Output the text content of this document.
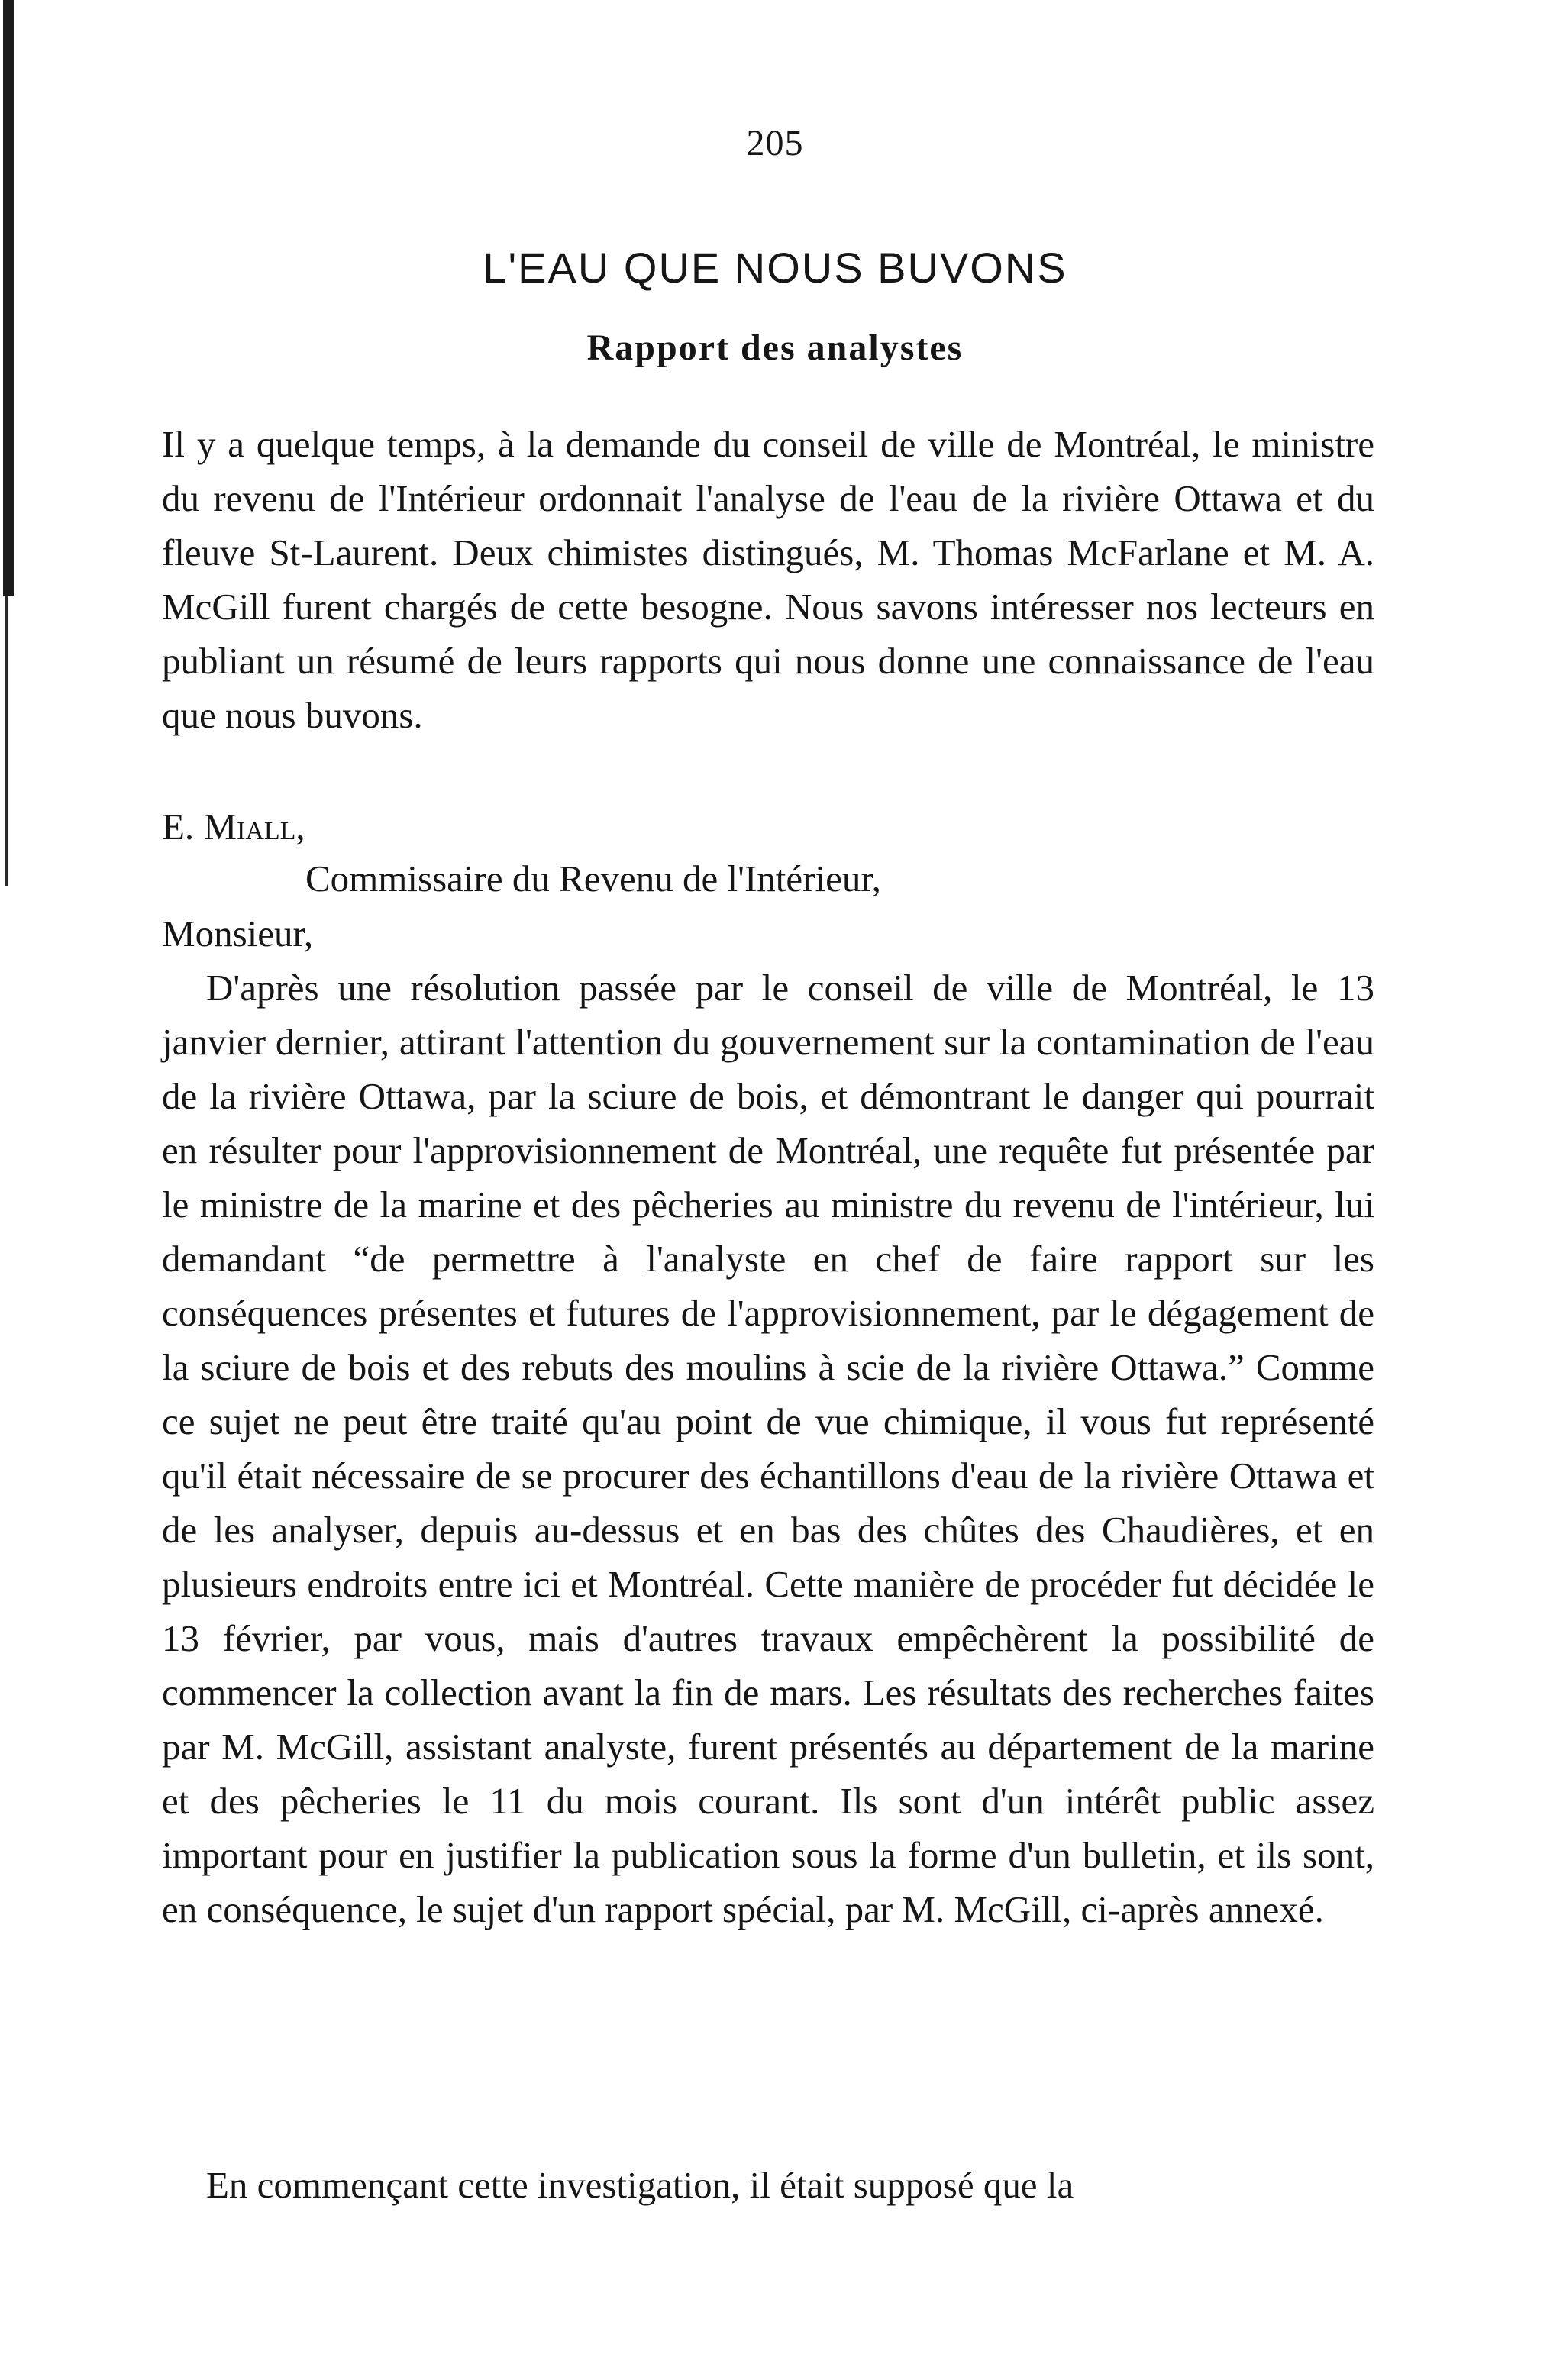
205
L'EAU QUE NOUS BUVONS
Rapport des analystes
Il y a quelque temps, à la demande du conseil de ville de Montréal, le ministre du revenu de l'Intérieur ordonnait l'analyse de l'eau de la rivière Ottawa et du fleuve St-Laurent. Deux chimistes distingués, M. Thomas McFarlane et M. A. McGill furent chargés de cette besogne. Nous savons intéresser nos lecteurs en publiant un résumé de leurs rapports qui nous donne une connaissance de l'eau que nous buvons.
E. Miall,
Commissaire du Revenu de l'Intérieur,
Monsieur,
D'après une résolution passée par le conseil de ville de Montréal, le 13 janvier dernier, attirant l'attention du gouvernement sur la contamination de l'eau de la rivière Ottawa, par la sciure de bois, et démontrant le danger qui pourrait en résulter pour l'approvisionnement de Montréal, une requête fut présentée par le ministre de la marine et des pêcheries au ministre du revenu de l'intérieur, lui demandant “de permettre à l'analyste en chef de faire rapport sur les conséquences présentes et futures de l'approvisionnement, par le dégagement de la sciure de bois et des rebuts des moulins à scie de la rivière Ottawa.” Comme ce sujet ne peut être traité qu'au point de vue chimique, il vous fut représenté qu'il était nécessaire de se procurer des échantillons d'eau de la rivière Ottawa et de les analyser, depuis au-dessus et en bas des chûtes des Chaudières, et en plusieurs endroits entre ici et Montréal. Cette manière de procéder fut décidée le 13 février, par vous, mais d'autres travaux empêchèrent la possibilité de commencer la collection avant la fin de mars. Les résultats des recherches faites par M. McGill, assistant analyste, furent présentés au département de la marine et des pêcheries le 11 du mois courant. Ils sont d'un intérêt public assez important pour en justifier la publication sous la forme d'un bulletin, et ils sont, en conséquence, le sujet d'un rapport spécial, par M. McGill, ci-après annexé.
En commençant cette investigation, il était supposé que la
